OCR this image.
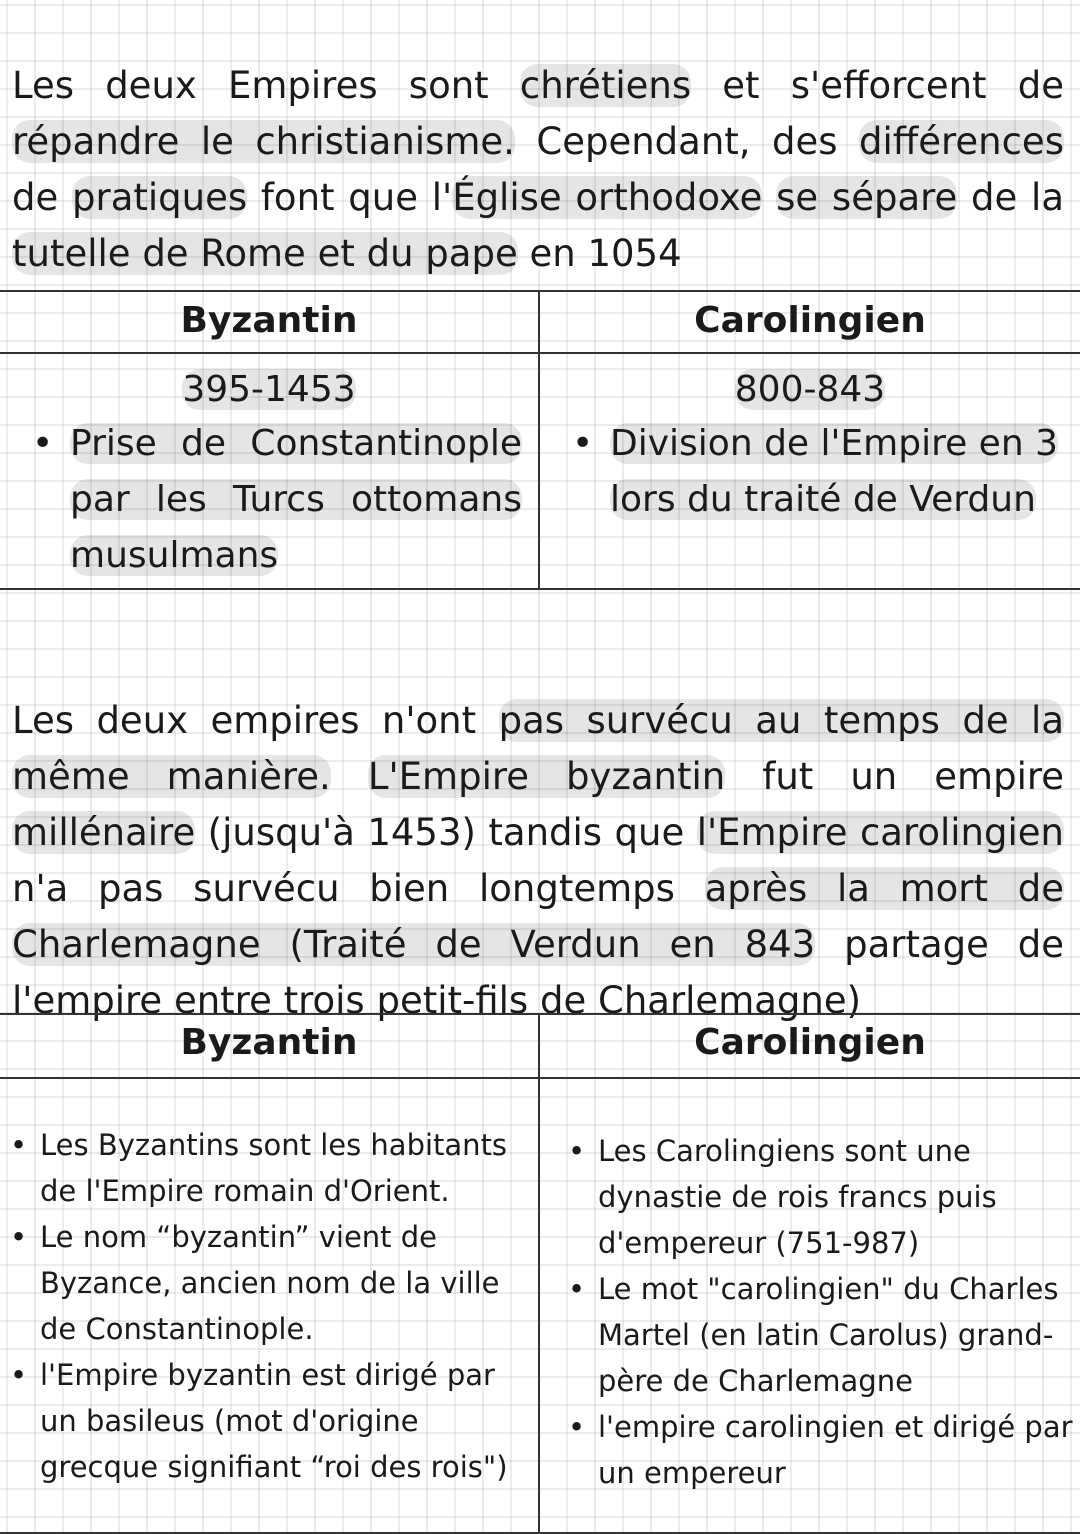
Les deux Empires sont chrétiens et s'efforcent de répandre le christianisme. Cependant, des différences de pratiques font que l'Église orthodoxe se sépare de la tutelle de Rome et du pape en 1054

Byzantin
395-1453
Carolingien
800-843
• Prise de Constantinople par les Turcs ottomans musulmans
• Division de l'Empire en 3 lors du traité de Verdun

Les deux empires n'ont pas survécu au temps de la même manière. L'Empire byzantin fut un empire millénaire (jusqu'à 1453) tandis que l'Empire carolingien n'a pas survécu bien longtemps après la mort de Charlemagne (Traité de Verdun en 843 partage de l'empire entre trois petit-fils de Charlemagne)

Byzantin	Carolingien
• Les Byzantins sont les habitants de l'Empire romain d'Orient.
• Le nom “byzantin” vient de Byzance, ancien nom de la ville de Constantinople.
• l'Empire byzantin est dirigé par un basileus (mot d'origine grecque signifiant “roi des rois")
• Les Carolingiens sont une dynastie de rois francs puis d'empereur (751-987)
• Le mot "carolingien" du Charles Martel (en latin Carolus) grand-père de Charlemagne
• l'empire carolingien et dirigé par un empereur
